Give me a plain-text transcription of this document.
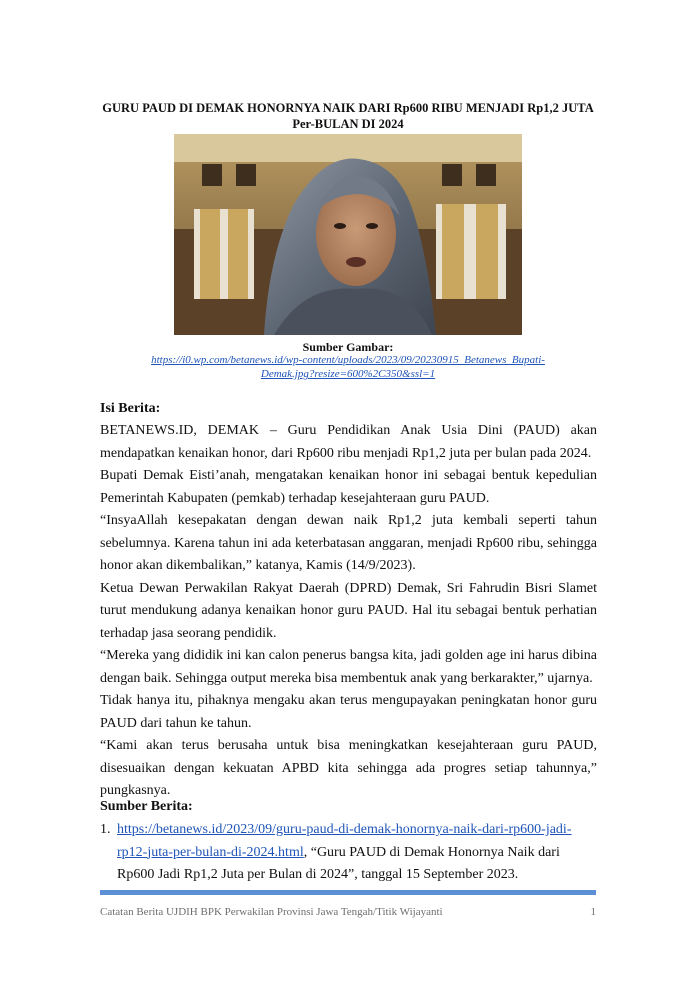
GURU PAUD DI DEMAK HONORNYA NAIK DARI Rp600 RIBU MENJADI Rp1,2 JUTA Per-BULAN DI 2024
Sumber Gambar:
https://i0.wp.com/betanews.id/wp-content/uploads/2023/09/20230915_Betanews_Bupati-Demak.jpg?resize=600%2C350&ssl=1
Isi Berita:

BETANEWS.ID, DEMAK – Guru Pendidikan Anak Usia Dini (PAUD) akan mendapatkan kenaikan honor, dari Rp600 ribu menjadi Rp1,2 juta per bulan pada 2024.

Bupati Demak Eisti’anah, mengatakan kenaikan honor ini sebagai bentuk kepedulian Pemerintah Kabupaten (pemkab) terhadap kesejahteraan guru PAUD.

“InsyaAllah kesepakatan dengan dewan naik Rp1,2 juta kembali seperti tahun sebelumnya. Karena tahun ini ada keterbatasan anggaran, menjadi Rp600 ribu, sehingga honor akan dikembalikan,” katanya, Kamis (14/9/2023).

Ketua Dewan Perwakilan Rakyat Daerah (DPRD) Demak, Sri Fahrudin Bisri Slamet turut mendukung adanya kenaikan honor guru PAUD. Hal itu sebagai bentuk perhatian terhadap jasa seorang pendidik.

“Mereka yang dididik ini kan calon penerus bangsa kita, jadi golden age ini harus dibina dengan baik. Sehingga output mereka bisa membentuk anak yang berkarakter,” ujarnya.

Tidak hanya itu, pihaknya mengaku akan terus mengupayakan peningkatan honor guru PAUD dari tahun ke tahun.

“Kami akan terus berusaha untuk bisa meningkatkan kesejahteraan guru PAUD, disesuaikan dengan kekuatan APBD kita sehingga ada progres setiap tahunnya,” pungkasnya.

Sumber Berita:
1. https://betanews.id/2023/09/guru-paud-di-demak-honornya-naik-dari-rp600-jadi-rp12-juta-per-bulan-di-2024.html, “Guru PAUD di Demak Honornya Naik dari Rp600 Jadi Rp1,2 Juta per Bulan di 2024”, tanggal 15 September 2023.
Catatan Berita UJDIH BPK Perwakilan Provinsi Jawa Tengah/Titik Wijayanti	1
